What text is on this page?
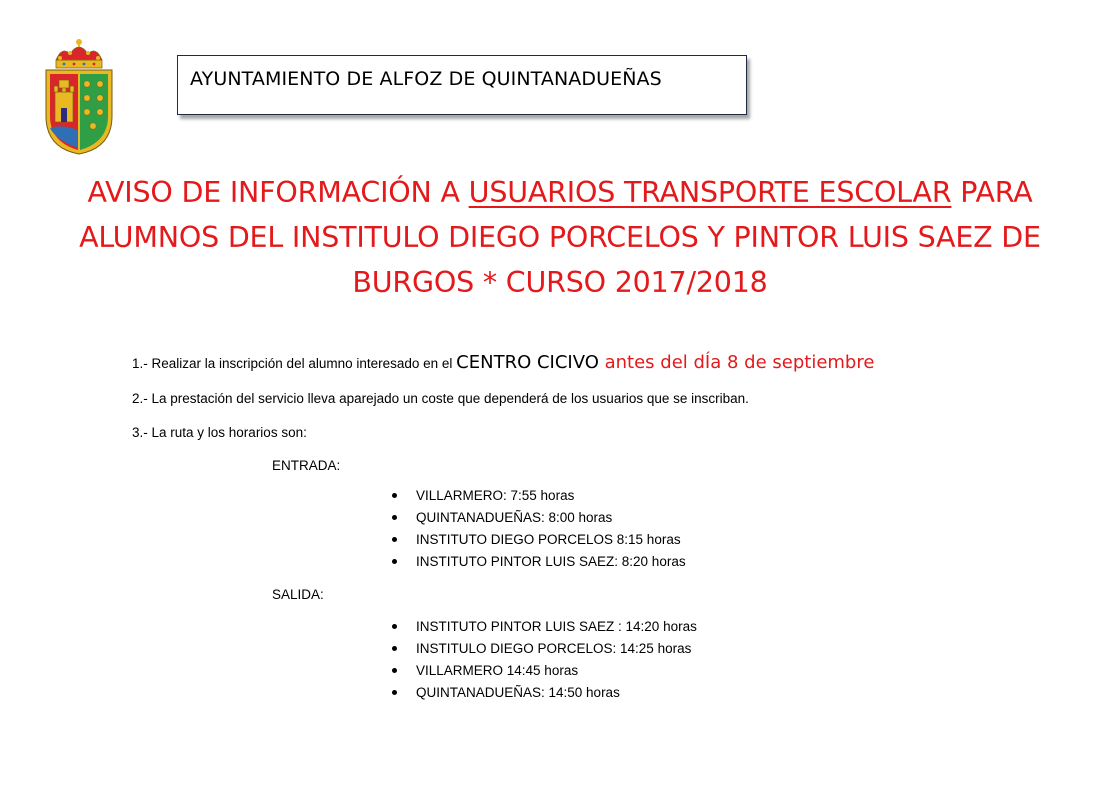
AYUNTAMIENTO DE ALFOZ DE QUINTANADUEÑAS
AVISO DE INFORMACIÓN A USUARIOS TRANSPORTE ESCOLAR PARA
ALUMNOS DEL INSTITULO DIEGO PORCELOS Y PINTOR LUIS SAEZ DE
BURGOS * CURSO 2017/2018
1.- Realizar la inscripción del alumno interesado en el CENTRO CICIVO antes del dÍa 8 de septiembre
2.- La prestación del servicio lleva aparejado un coste que dependerá de los usuarios que se inscriban.
3.- La ruta y los horarios son:
ENTRADA:
VILLARMERO: 7:55 horas
QUINTANADUEÑAS: 8:00 horas
INSTITUTO DIEGO PORCELOS 8:15 horas
INSTITUTO PINTOR LUIS SAEZ: 8:20 horas
SALIDA:
INSTITUTO PINTOR LUIS SAEZ : 14:20 horas
INSTITULO DIEGO PORCELOS: 14:25 horas
VILLARMERO 14:45 horas
QUINTANADUEÑAS: 14:50 horas
